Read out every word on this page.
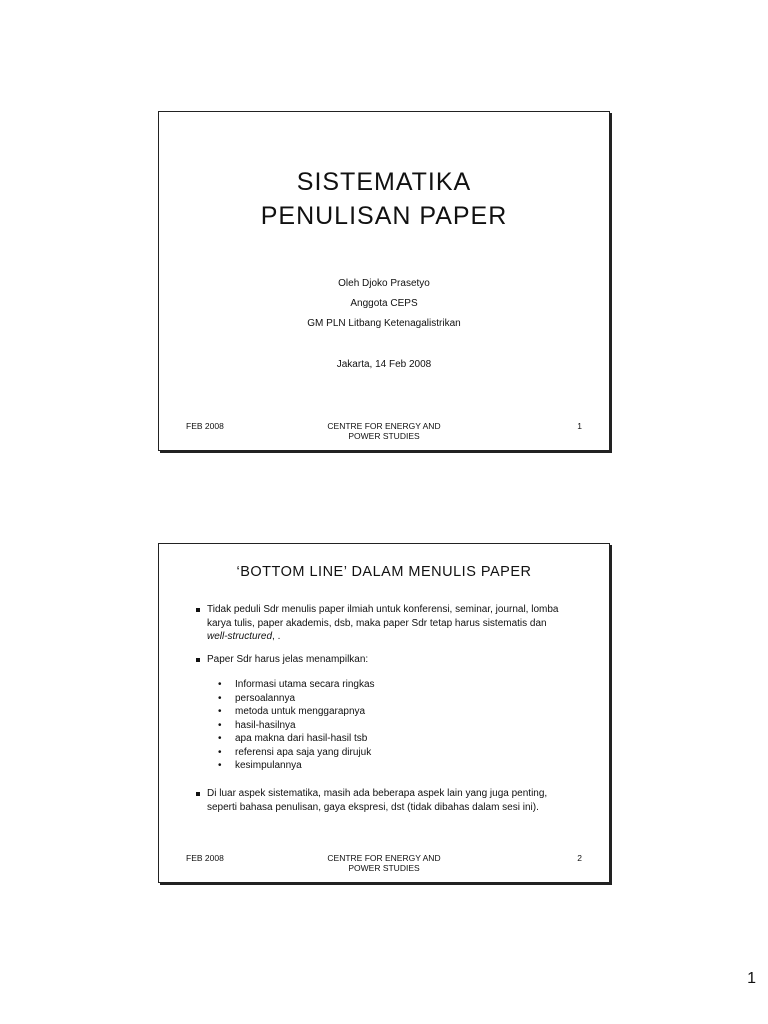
SISTEMATIKA
PENULISAN PAPER
Oleh Djoko Prasetyo
Anggota CEPS
GM PLN Litbang Ketenagalistrikan
Jakarta, 14 Feb 2008
FEB 2008	CENTRE FOR ENERGY AND
POWER STUDIES
1
‘BOTTOM LINE’ DALAM MENULIS PAPER
Tidak peduli Sdr menulis paper ilmiah untuk konferensi, seminar, journal, lomba karya tulis, paper akademis, dsb, maka paper Sdr tetap harus sistematis dan well-structured, .
Paper Sdr harus jelas menampilkan:
• Informasi utama secara ringkas
• persoalannya
• metoda untuk menggarapnya
• hasil-hasilnya
• apa makna dari hasil-hasil tsb
• referensi apa saja yang dirujuk
• kesimpulannya
Di luar aspek sistematika, masih ada beberapa aspek lain yang juga penting, seperti bahasa penulisan, gaya ekspresi, dst (tidak dibahas dalam sesi ini).
FEB 2008	CENTRE FOR ENERGY AND
POWER STUDIES
2
1
